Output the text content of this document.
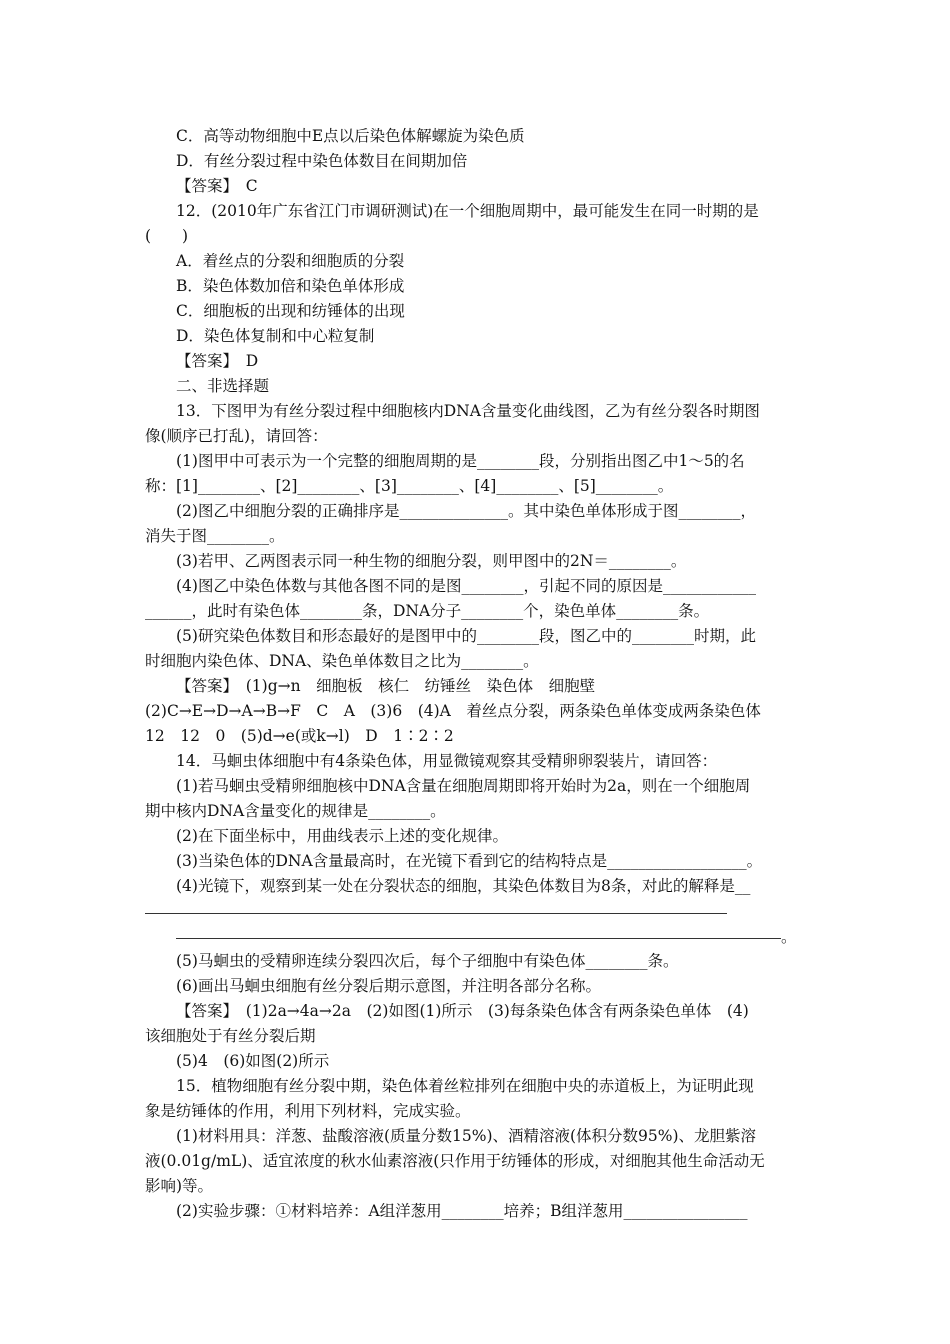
C．高等动物细胞中E点以后染色体解螺旋为染色质
D．有丝分裂过程中染色体数目在间期加倍
【答案】　C
12．(2010年广东省江门市调研测试)在一个细胞周期中，最可能发生在同一时期的是
(　　)
A．着丝点的分裂和细胞质的分裂
B．染色体数加倍和染色单体形成
C．细胞板的出现和纺锤体的出现
D．染色体复制和中心粒复制
【答案】　D
二、非选择题
13．下图甲为有丝分裂过程中细胞核内DNA含量变化曲线图，乙为有丝分裂各时期图
像(顺序已打乱)，请回答：
(1)图甲中可表示为一个完整的细胞周期的是________段，分别指出图乙中1～5的名
称：[1]________、[2]________、[3]________、[4]________、[5]________。
(2)图乙中细胞分裂的正确排序是______________。其中染色单体形成于图________，
消失于图________。
(3)若甲、乙两图表示同一种生物的细胞分裂，则甲图中的2N＝________。
(4)图乙中染色体数与其他各图不同的是图________，引起不同的原因是____________
______，此时有染色体________条，DNA分子________个，染色单体________条。
(5)研究染色体数目和形态最好的是图甲中的________段，图乙中的________时期，此
时细胞内染色体、DNA、染色单体数目之比为________。
【答案】　(1)g→n　细胞板　核仁　纺锤丝　染色体　细胞壁
(2)C→E→D→A→B→F　C　A　(3)6　(4)A　着丝点分裂，两条染色单体变成两条染色体
12　12　0　(5)d→e(或k→l)　D　1∶2∶2
14．马蛔虫体细胞中有4条染色体，用显微镜观察其受精卵卵裂装片，请回答：
(1)若马蛔虫受精卵细胞核中DNA含量在细胞周期即将开始时为2a，则在一个细胞周
期中核内DNA含量变化的规律是________。
(2)在下面坐标中，用曲线表示上述的变化规律。
(3)当染色体的DNA含量最高时，在光镜下看到它的结构特点是__________________。
(4)光镜下，观察到某一处在分裂状态的细胞，其染色体数目为8条，对此的解释是__
。
(5)马蛔虫的受精卵连续分裂四次后，每个子细胞中有染色体________条。
(6)画出马蛔虫细胞有丝分裂后期示意图，并注明各部分名称。
【答案】　(1)2a→4a→2a　(2)如图(1)所示　(3)每条染色体含有两条染色单体　(4)
该细胞处于有丝分裂后期
(5)4　(6)如图(2)所示
15．植物细胞有丝分裂中期，染色体着丝粒排列在细胞中央的赤道板上，为证明此现
象是纺锤体的作用，利用下列材料，完成实验。
(1)材料用具：洋葱、盐酸溶液(质量分数15%)、酒精溶液(体积分数95%)、龙胆紫溶
液(0.01g/mL)、适宜浓度的秋水仙素溶液(只作用于纺锤体的形成，对细胞其他生命活动无
影响)等。
(2)实验步骤：①材料培养：A组洋葱用________培养；B组洋葱用________________
